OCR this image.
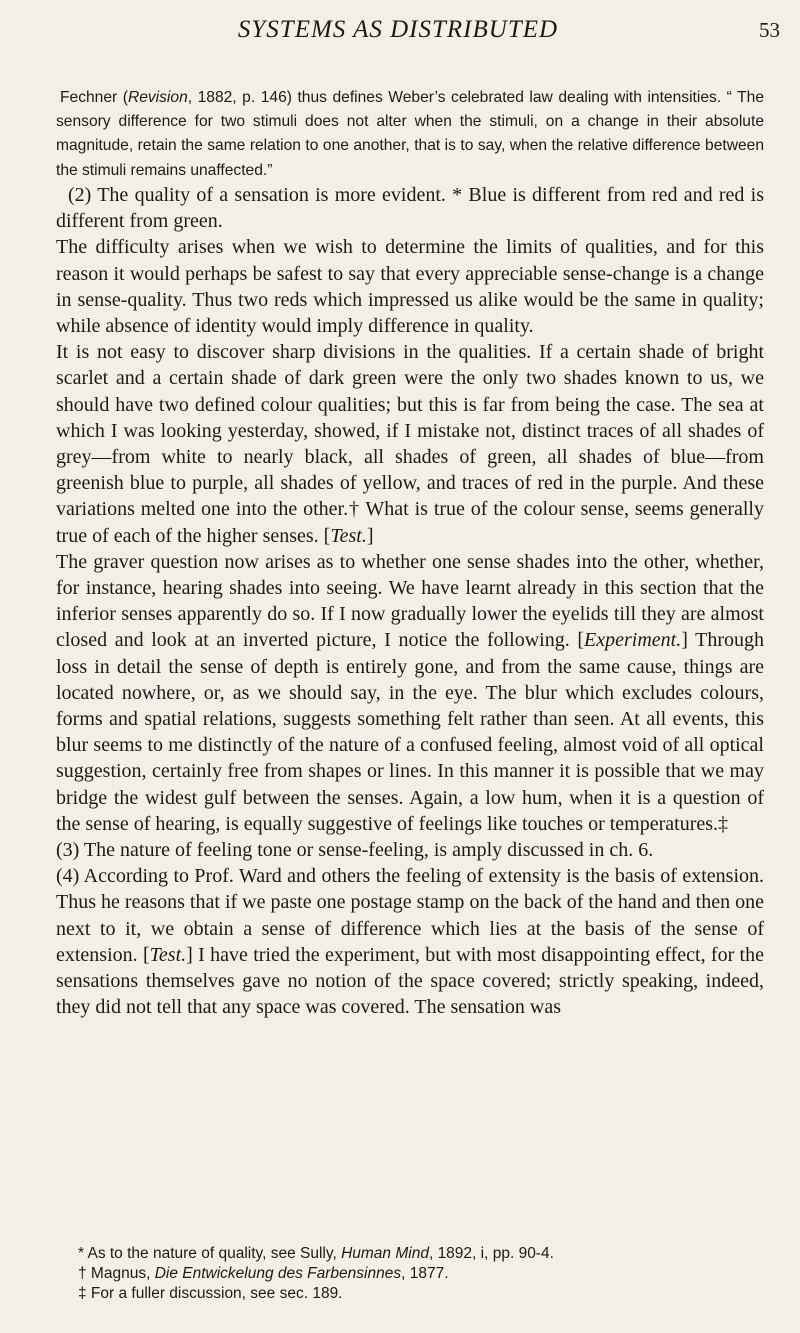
SYSTEMS AS DISTRIBUTED	53

Fechner (Revision, 1882, p. 146) thus defines Weber’s celebrated law dealing with intensities. “ The sensory difference for two stimuli does not alter when the stimuli, on a change in their absolute magnitude, retain the same relation to one another, that is to say, when the relative difference between the stimuli remains unaffected.”

(2) The quality of a sensation is more evident. * Blue is different from red and red is different from green.

The difficulty arises when we wish to determine the limits of qualities, and for this reason it would perhaps be safest to say that every appreciable sense-change is a change in sense-quality. Thus two reds which impressed us alike would be the same in quality; while absence of identity would imply difference in quality.

It is not easy to discover sharp divisions in the qualities. If a certain shade of bright scarlet and a certain shade of dark green were the only two shades known to us, we should have two defined colour qualities; but this is far from being the case. The sea at which I was looking yesterday, showed, if I mistake not, distinct traces of all shades of grey—from white to nearly black, all shades of green, all shades of blue—from greenish blue to purple, all shades of yellow, and traces of red in the purple. And these variations melted one into the other.† What is true of the colour sense, seems generally true of each of the higher senses. [Test.]

The graver question now arises as to whether one sense shades into the other, whether, for instance, hearing shades into seeing. We have learnt already in this section that the inferior senses apparently do so. If I now gradually lower the eyelids till they are almost closed and look at an inverted picture, I notice the following. [Experiment.] Through loss in detail the sense of depth is entirely gone, and from the same cause, things are located nowhere, or, as we should say, in the eye. The blur which excludes colours, forms and spatial relations, suggests something felt rather than seen. At all events, this blur seems to me distinctly of the nature of a confused feeling, almost void of all optical suggestion, certainly free from shapes or lines. In this manner it is possible that we may bridge the widest gulf between the senses. Again, a low hum, when it is a question of the sense of hearing, is equally suggestive of feelings like touches or temperatures.‡

(3) The nature of feeling tone or sense-feeling, is amply discussed in ch. 6.

(4) According to Prof. Ward and others the feeling of extensity is the basis of extension. Thus he reasons that if we paste one postage stamp on the back of the hand and then one next to it, we obtain a sense of difference which lies at the basis of the sense of extension. [Test.] I have tried the experiment, but with most disappointing effect, for the sensations themselves gave no notion of the space covered; strictly speaking, indeed, they did not tell that any space was covered. The sensation was

* As to the nature of quality, see Sully, Human Mind, 1892, i, pp. 90-4.
† Magnus, Die Entwickelung des Farbensinnes, 1877.
‡ For a fuller discussion, see sec. 189.
